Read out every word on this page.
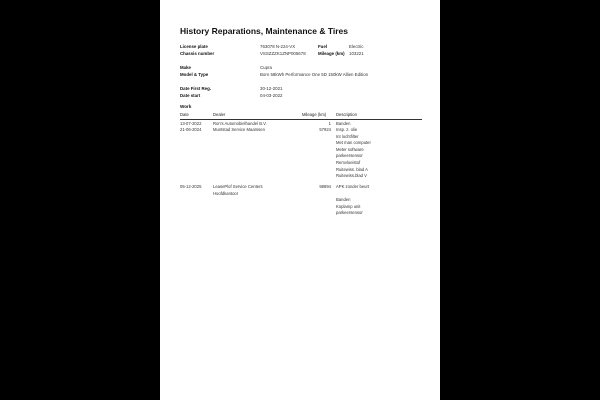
History Reparations, Maintenance & Tires
License plate	763078 N-224-VX	Fuel	Electric
Chassis number	VSSZZZK1ZNP005678	Mileage (km) 103221
Make	Cupra
Model & Type	Born 58kWh Performance One 5D 150kW Allien Edition
Date First Reg.	30-12-2021
Date start	04-03-2022
Work
Date	Dealer	Mileage (km) Description
13-07-2022	Ron's Automobielhandel B.V.	1 Banden
21-06-2024	Muntstad Service Maarssen	57924 Insp. z. olie
Int luchtfilter
Met man computer
Meter software
parkeersensor
Remvloeistof
Ruitewiss. blad A
Ruitewiss.blad V
05-12-2025	LeasePlof Service Centers
Hoofdkantoor
98894 APK zonder beurt
Banden
Koplamp unit
parkeersensor
